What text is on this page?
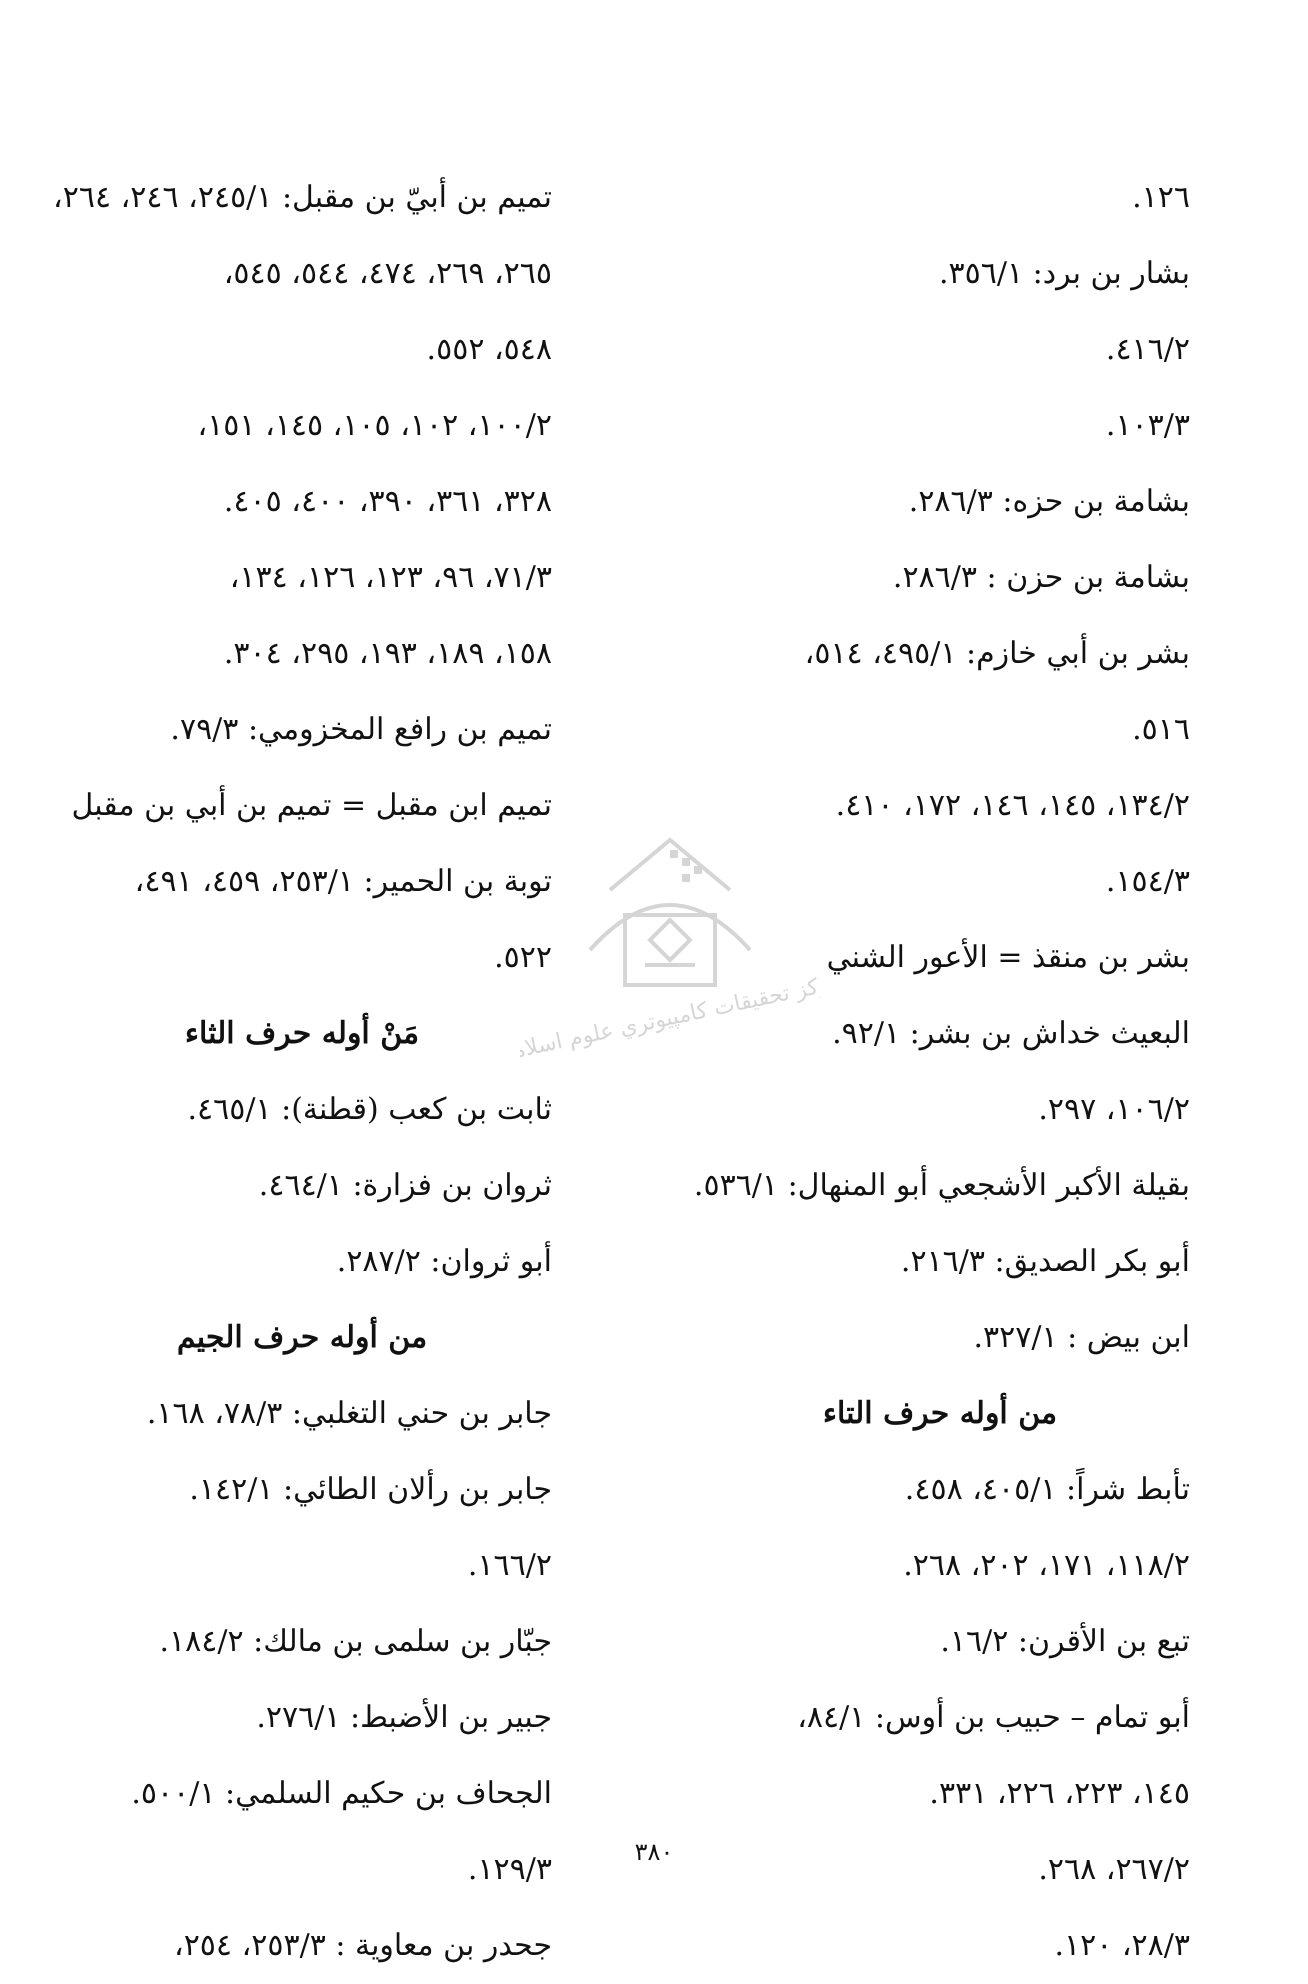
١٢٦.
بشار بن برد: ٣٥٦/١.
٤١٦/٢.
١٠٣/٣.
بشامة بن حزه: ٢٨٦/٣.
بشامة بن حزن : ٢٨٦/٣.
بشر بن أبي خازم: ٤٩٥/١، ٥١٤،
٥١٦.
١٣٤/٢، ١٤٥، ١٤٦، ١٧٢، ٤١٠.
١٥٤/٣.
بشر بن منقذ = الأعور الشني
البعيث خداش بن بشر: ٩٢/١.
١٠٦/٢، ٢٩٧.
بقيلة الأكبر الأشجعي أبو المنهال: ٥٣٦/١.
أبو بكر الصديق: ٢١٦/٣.
ابن بيض : ٣٢٧/١.
من أوله حرف التاء
تأبط شراً: ٤٠٥/١، ٤٥٨.
١١٨/٢، ١٧١، ٢٠٢، ٢٦٨.
تبع بن الأقرن: ١٦/٢.
أبو تمام – حبيب بن أوس: ٨٤/١،
١٤٥، ٢٢٣، ٢٢٦، ٣٣١.
٢٦٧/٢، ٢٦٨.
٢٨/٣، ١٢٠.
تميم بن أبيّ بن مقبل: ٢٤٥/١، ٢٤٦، ٢٦٤،
٢٦٥، ٢٦٩، ٤٧٤، ٥٤٤، ٥٤٥،
٥٤٨، ٥٥٢.
١٠٠/٢، ١٠٢، ١٠٥، ١٤٥، ١٥١،
٣٢٨، ٣٦١، ٣٩٠، ٤٠٠، ٤٠٥.
٧١/٣، ٩٦، ١٢٣، ١٢٦، ١٣٤،
١٥٨، ١٨٩، ١٩٣، ٢٩٥، ٣٠٤.
تميم بن رافع المخزومي: ٧٩/٣.
تميم ابن مقبل = تميم بن أبي بن مقبل
توبة بن الحمير: ٢٥٣/١، ٤٥٩، ٤٩١،
٥٢٢.
مَنْ أوله حرف الثاء
ثابت بن كعب (قطنة): ٤٦٥/١.
ثروان بن فزارة: ٤٦٤/١.
أبو ثروان: ٢٨٧/٢.
من أوله حرف الجيم
جابر بن حني التغلبي: ٧٨/٣، ١٦٨.
جابر بن رألان الطائي: ١٤٢/١.
١٦٦/٢.
جبّار بن سلمى بن مالك: ١٨٤/٢.
جبير بن الأضبط: ٢٧٦/١.
الجحاف بن حكيم السلمي: ٥٠٠/١.
١٢٩/٣.
جحدر بن معاوية : ٢٥٣/٣، ٢٥٤،
مركز تحقيقات كامپيوتري علوم اسلامي
٣٨٠
